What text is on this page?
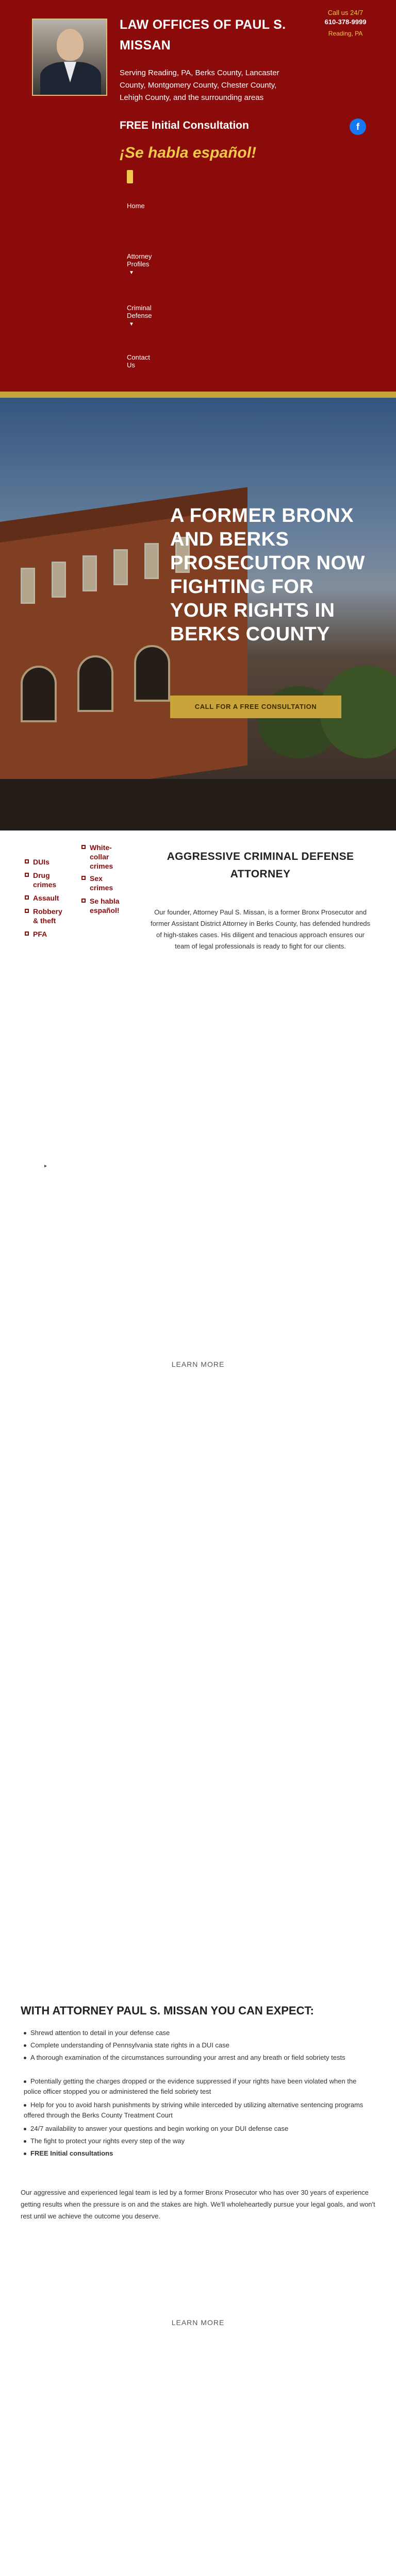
LAW OFFICES OF PAUL S. MISSAN
Serving Reading, PA, Berks County, Lancaster County, Montgomery County, Chester County, Lehigh County, and the surrounding areas
FREE Initial Consultation
¡Se habla español!
Call us 24/7
610-378-9999
Reading, PA
f
Home
Attorney Profiles▼
Criminal Defense▼
Contact Us
A FORMER BRONX AND BERKS PROSECUTOR NOW FIGHTING FOR YOUR RIGHTS IN BERKS COUNTY
CALL FOR A FREE CONSULTATION
DUIs
Drug crimes
Assault
Robbery & theft
PFA
White-collar crimes
Sex crimes
Se habla español!
AGGRESSIVE CRIMINAL DEFENSE ATTORNEY
Our founder, Attorney Paul S. Missan, is a former Bronx Prosecutor and former Assistant District Attorney in Berks County, has defended hundreds of high-stakes cases. His diligent and tenacious approach ensures our team of legal professionals is ready to fight for our clients.
▸
LEARN MORE
WITH ATTORNEY PAUL S. MISSAN YOU CAN EXPECT:
Shrewd attention to detail in your defense case
Complete understanding of Pennsylvania state rights in a DUI case
A thorough examination of the circumstances surrounding your arrest and any breath or field sobriety tests
Potentially getting the charges dropped or the evidence suppressed if your rights have been violated when the police officer stopped you or administered the field sobriety test
Help for you to avoid harsh punishments by striving while interceded by utilizing alternative sentencing programs offered through the Berks County Treatment Court
24/7 availability to answer your questions and begin working on your DUI defense case
The fight to protect your rights every step of the way
FREE Initial consultations
Our aggressive and experienced legal team is led by a former Bronx Prosecutor who has over 30 years of experience getting results when the pressure is on and the stakes are high. We'll wholeheartedly pursue your legal goals, and won't rest until we achieve the outcome you deserve.
LEARN MORE
